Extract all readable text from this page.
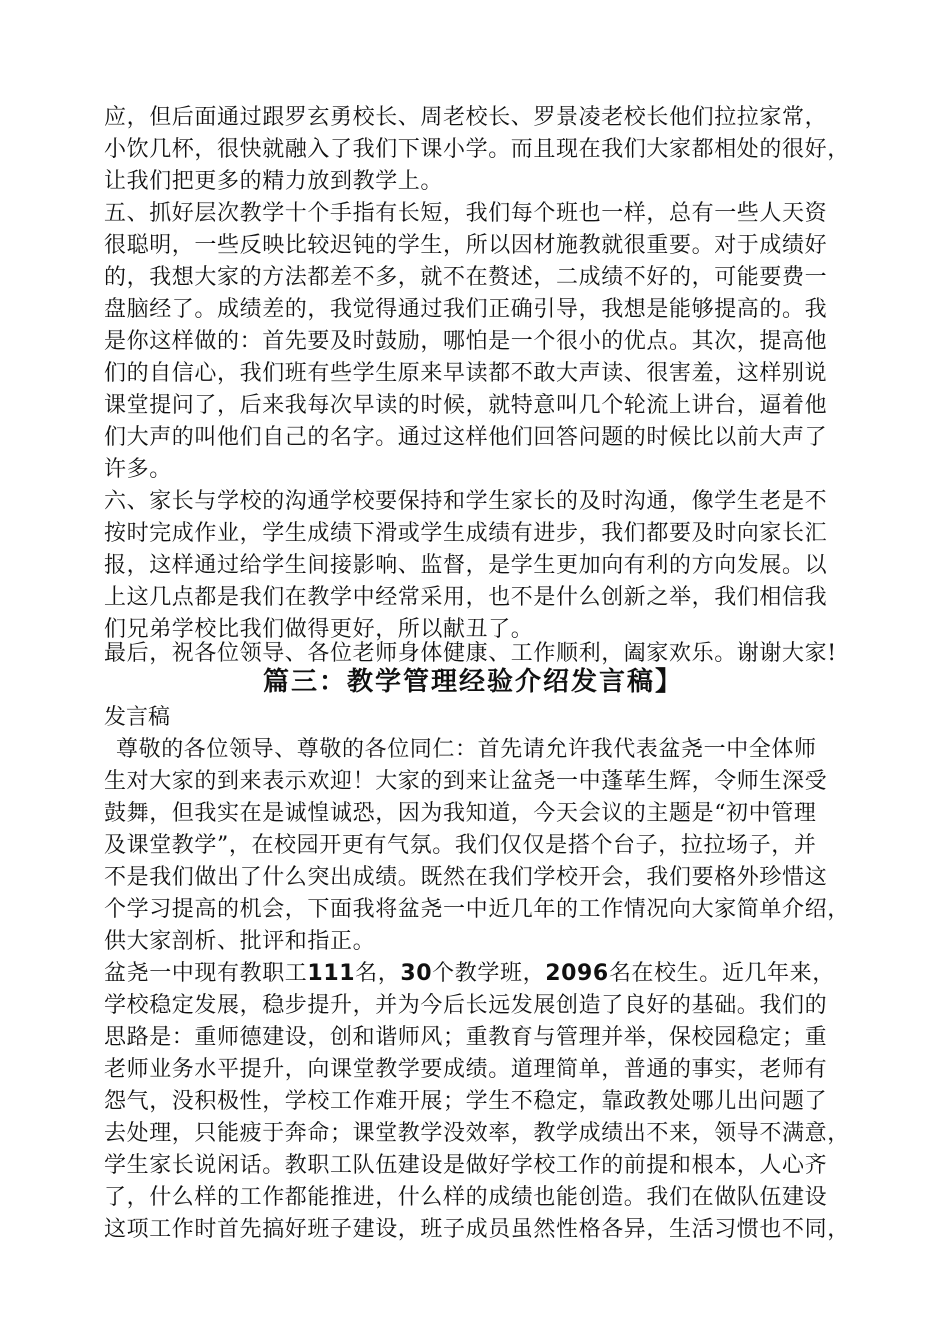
应，但后面通过跟罗玄勇校长、周老校长、罗景凌老校长他们拉拉家常，
小饮几杯，很快就融入了我们下课小学。而且现在我们大家都相处的很好，
让我们把更多的精力放到教学上。
五、抓好层次教学十个手指有长短，我们每个班也一样，总有一些人天资
很聪明，一些反映比较迟钝的学生，所以因材施教就很重要。对于成绩好
的，我想大家的方法都差不多，就不在赘述，二成绩不好的，可能要费一
盘脑经了。成绩差的，我觉得通过我们正确引导，我想是能够提高的。我
是你这样做的：首先要及时鼓励，哪怕是一个很小的优点。其次，提高他
们的自信心，我们班有些学生原来早读都不敢大声读、很害羞，这样别说
课堂提问了，后来我每次早读的时候，就特意叫几个轮流上讲台，逼着他
们大声的叫他们自己的名字。通过这样他们回答问题的时候比以前大声了
许多。
六、家长与学校的沟通学校要保持和学生家长的及时沟通，像学生老是不
按时完成作业，学生成绩下滑或学生成绩有进步，我们都要及时向家长汇
报，这样通过给学生间接影响、监督，是学生更加向有利的方向发展。以
上这几点都是我们在教学中经常采用，也不是什么创新之举，我们相信我
们兄弟学校比我们做得更好，所以献丑了。
最后，祝各位领导、各位老师身体健康、工作顺利，阖家欢乐。谢谢大家!
篇三：教学管理经验介绍发言稿】
发言稿
尊敬的各位领导、尊敬的各位同仁：首先请允许我代表盆尧一中全体师
生对大家的到来表示欢迎！大家的到来让盆尧一中蓬荜生辉，令师生深受
鼓舞，但我实在是诚惶诚恐，因为我知道，今天会议的主题是“初中管理
及课堂教学”，在校园开更有气氛。我们仅仅是搭个台子，拉拉场子，并
不是我们做出了什么突出成绩。既然在我们学校开会，我们要格外珍惜这
个学习提高的机会，下面我将盆尧一中近几年的工作情况向大家简单介绍，
供大家剖析、批评和指正。
盆尧一中现有教职工111名，30个教学班，2096名在校生。近几年来，
学校稳定发展，稳步提升，并为今后长远发展创造了良好的基础。我们的
思路是：重师德建设，创和谐师风；重教育与管理并举，保校园稳定；重
老师业务水平提升，向课堂教学要成绩。道理简单，普通的事实，老师有
怨气，没积极性，学校工作难开展；学生不稳定，靠政教处哪儿出问题了
去处理，只能疲于奔命；课堂教学没效率，教学成绩出不来，领导不满意，
学生家长说闲话。教职工队伍建设是做好学校工作的前提和根本，人心齐
了，什么样的工作都能推进，什么样的成绩也能创造。我们在做队伍建设
这项工作时首先搞好班子建设，班子成员虽然性格各异，生活习惯也不同，
